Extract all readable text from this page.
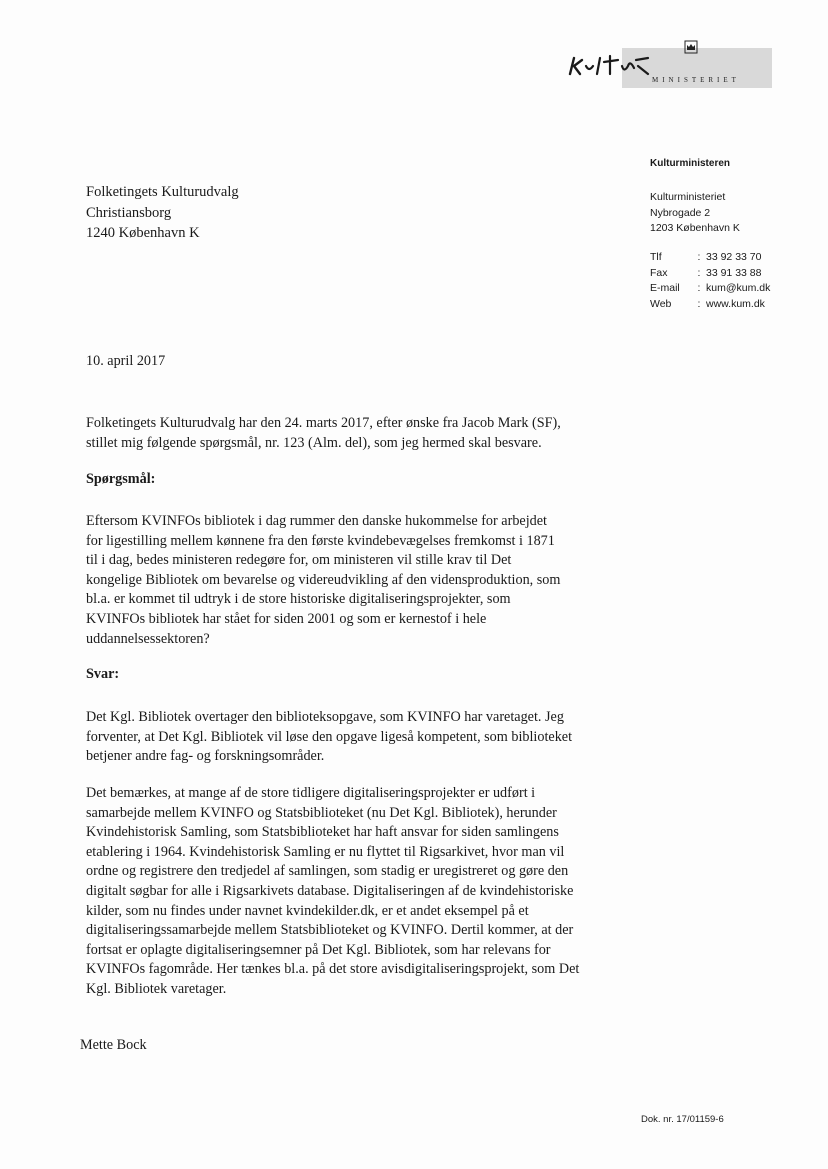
MINISTERIET
Kulturministeren
Kulturministeriet
Nybrogade 2
1203 København K
Tlf	:	33 92 33 70
Fax	:	33 91 33 88
E-mail	:	kum@kum.dk
Web	:	www.kum.dk
Folketingets Kulturudvalg
Christiansborg
1240 København K
10. april 2017
Folketingets Kulturudvalg har den 24. marts 2017, efter ønske fra Jacob Mark (SF),
stillet mig følgende spørgsmål, nr. 123 (Alm. del), som jeg hermed skal besvare.
Spørgsmål:
Eftersom KVINFOs bibliotek i dag rummer den danske hukommelse for arbejdet
for ligestilling mellem kønnene fra den første kvindebevægelses fremkomst i 1871
til i dag, bedes ministeren redegøre for, om ministeren vil stille krav til Det
kongelige Bibliotek om bevarelse og videreudvikling af den vidensproduktion, som
bl.a. er kommet til udtryk i de store historiske digitaliseringsprojekter, som
KVINFOs bibliotek har stået for siden 2001 og som er kernestof i hele
uddannelsessektoren?
Svar:
Det Kgl. Bibliotek overtager den biblioteksopgave, som KVINFO har varetaget. Jeg
forventer, at Det Kgl. Bibliotek vil løse den opgave ligeså kompetent, som biblioteket
betjener andre fag- og forskningsområder.
Det bemærkes, at mange af de store tidligere digitaliseringsprojekter er udført i
samarbejde mellem KVINFO og Statsbiblioteket (nu Det Kgl. Bibliotek), herunder
Kvindehistorisk Samling, som Statsbiblioteket har haft ansvar for siden samlingens
etablering i 1964. Kvindehistorisk Samling er nu flyttet til Rigsarkivet, hvor man vil
ordne og registrere den tredjedel af samlingen, som stadig er uregistreret og gøre den
digitalt søgbar for alle i Rigsarkivets database. Digitaliseringen af de kvindehistoriske
kilder, som nu findes under navnet kvindekilder.dk, er et andet eksempel på et
digitaliseringssamarbejde mellem Statsbiblioteket og KVINFO. Dertil kommer, at der
fortsat er oplagte digitaliseringsemner på Det Kgl. Bibliotek, som har relevans for
KVINFOs fagområde. Her tænkes bl.a. på det store avisdigitaliseringsprojekt, som Det
Kgl. Bibliotek varetager.
Mette Bock
Dok. nr. 17/01159-6
